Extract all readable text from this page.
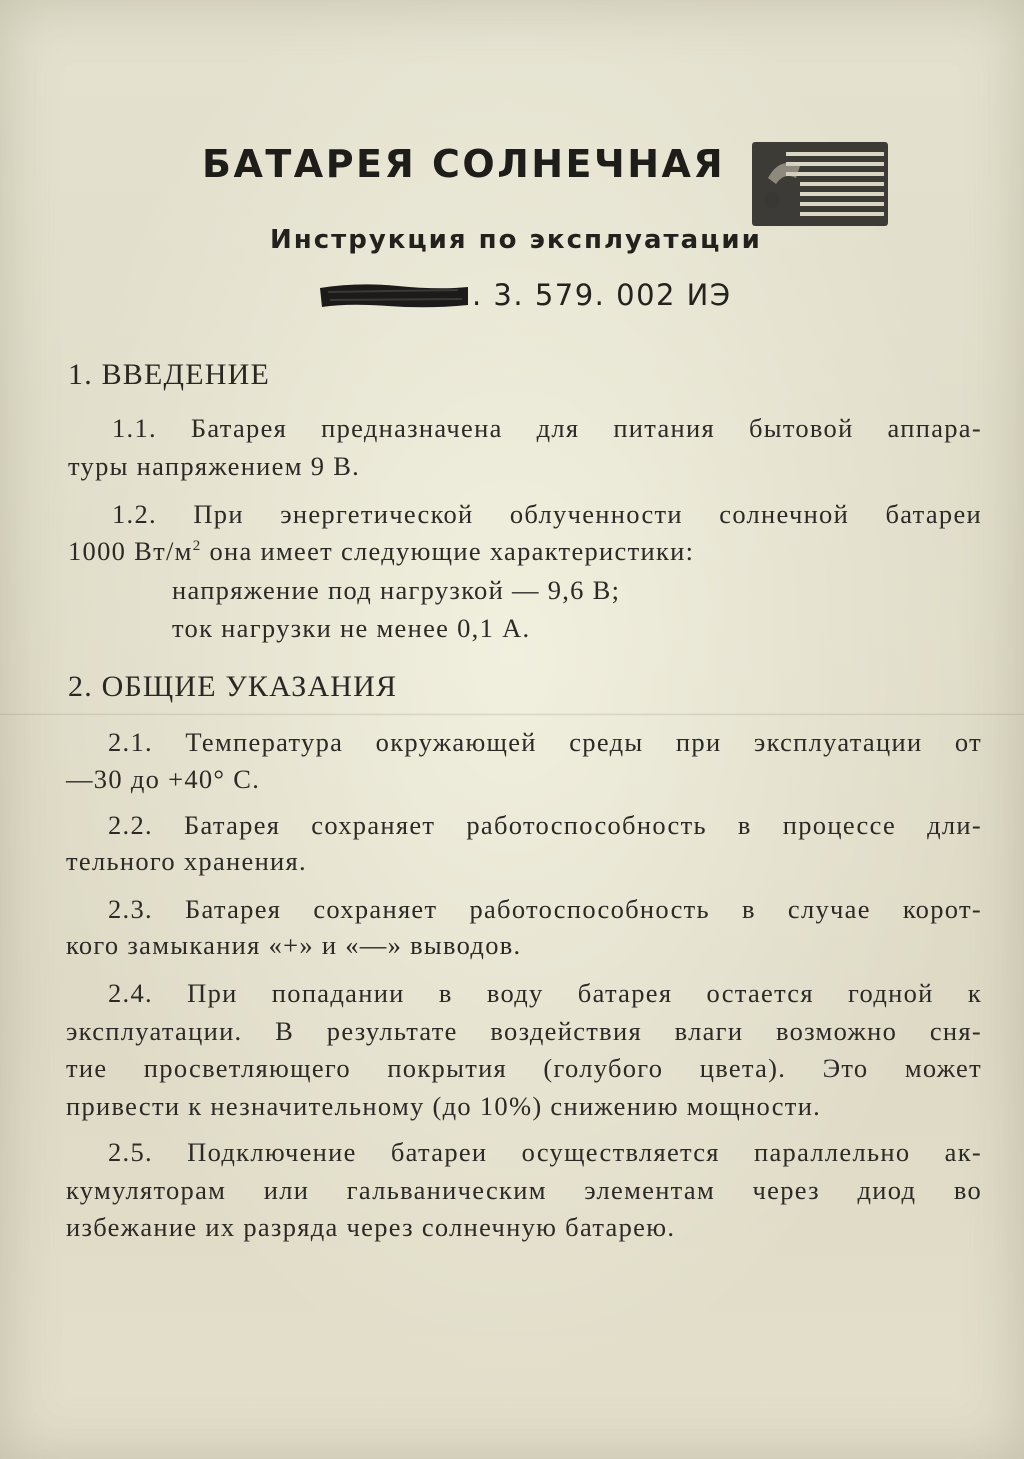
БАТАРЕЯ СОЛНЕЧНАЯ
Инструкция по эксплуатации
. 3. 579. 002 ИЭ
1. ВВЕДЕНИЕ
1.1. Батарея предназначена для питания бытовой аппара-
туры напряжением 9 В.
1.2. При энергетической облученности солнечной батареи
1000 $Вт/м^2$ она имеет следующие характеристики:
напряжение под нагрузкой — 9,6 В;
ток нагрузки не менее 0,1 А.
2. ОБЩИЕ УКАЗАНИЯ
2.1. Температура окружающей среды при эксплуатации от
—30 до +40° С.
2.2. Батарея сохраняет работоспособность в процессе дли-
тельного хранения.
2.3. Батарея сохраняет работоспособность в случае корот-
кого замыкания «+» и «—» выводов.
2.4. При попадании в воду батарея остается годной к
эксплуатации. В результате воздействия влаги возможно сня-
тие просветляющего покрытия (голубого цвета). Это может
привести к незначительному (до 10%) снижению мощности.
2.5. Подключение батареи осуществляется параллельно ак-
кумуляторам или гальваническим элементам через диод во
избежание их разряда через солнечную батарею.
